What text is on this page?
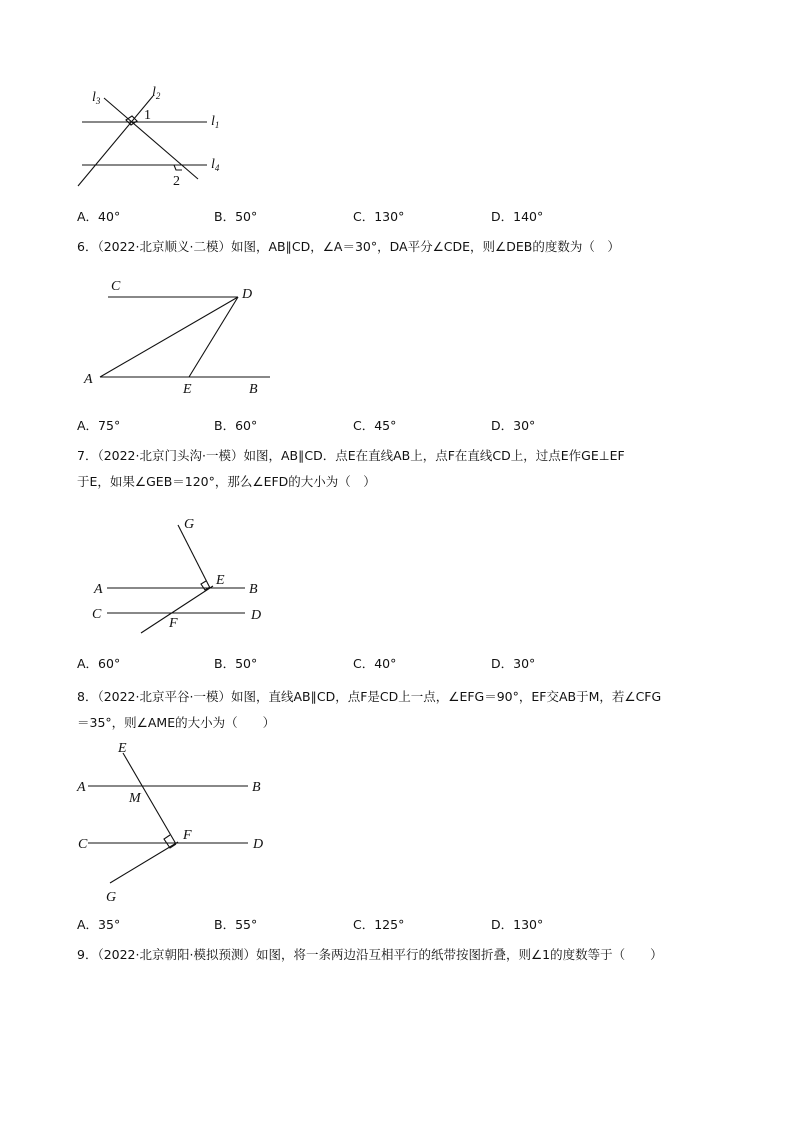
$l_3$
$l_2$
$l_1$
$l_4$
1
2
A．40°	B．50°	C．130°	D．140°
6．（2022·北京顺义·二模）如图，AB∥CD，∠A＝30°，DA平分∠CDE，则∠DEB的度数为（　）
C
D
A
E	B
A．75°	B．60°	C．45°	D．30°
7．（2022·北京门头沟·一模）如图，AB∥CD．点E在直线AB上，点F在直线CD上，过点E作GE⊥EF
于E，如果∠GEB＝120°，那么∠EFD的大小为（　）
G
A
E
B
C
F
D
A．60°	B．50°	C．40°	D．30°
8．（2022·北京平谷·一模）如图，直线AB∥CD，点F是CD上一点，∠EFG＝90°，EF交AB于M，若∠CFG
＝35°，则∠AME的大小为（　　）
E
A
M
B
C
F
D
G
A．35°	B．55°	C．125°	D．130°
9．（2022·北京朝阳·模拟预测）如图，将一条两边沿互相平行的纸带按图折叠，则∠1的度数等于（　　）
